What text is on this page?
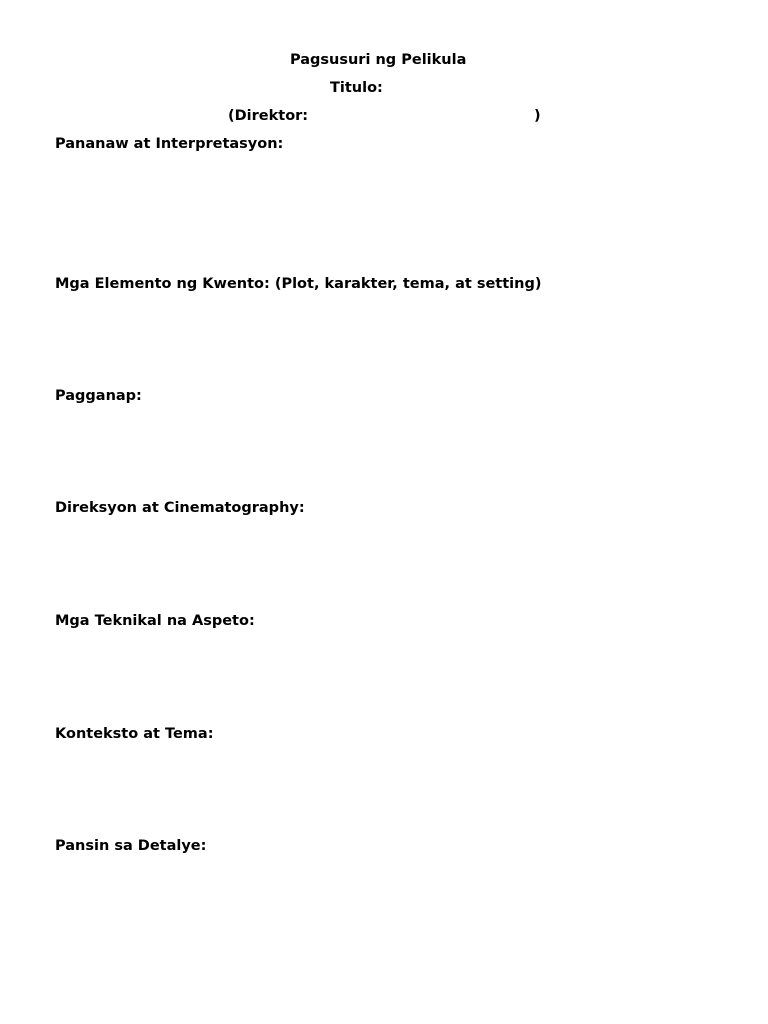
Pagsusuri ng Pelikula
Titulo:
(Direktor:	)
Pananaw at Interpretasyon:
Mga Elemento ng Kwento: (Plot, karakter, tema, at setting)
Pagganap:
Direksyon at Cinematography:
Mga Teknikal na Aspeto:
Konteksto at Tema:
Pansin sa Detalye:
